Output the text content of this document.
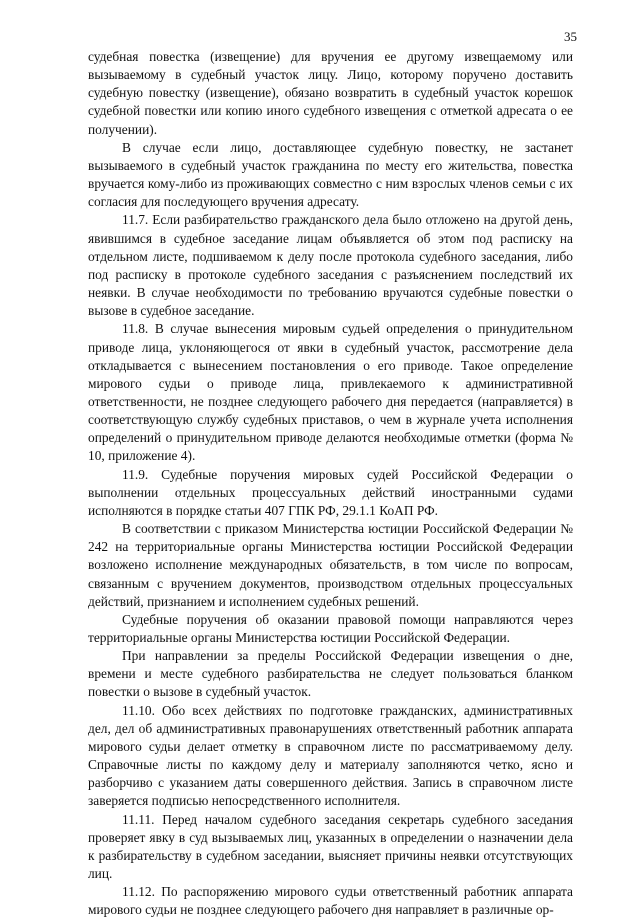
35

судебная повестка (извещение) для вручения ее другому извещаемому или вызываемому в судебный участок лицу. Лицо, которому поручено доставить судебную повестку (извещение), обязано возвратить в судебный участок корешок судебной повестки или копию иного судебного извещения с отметкой адресата о ее получении).

В случае если лицо, доставляющее судебную повестку, не застанет вызываемого в судебный участок гражданина по месту его жительства, повестка вручается кому-либо из проживающих совместно с ним взрослых членов семьи с их согласия для последующего вручения адресату.

11.7. Если разбирательство гражданского дела было отложено на другой день, явившимся в судебное заседание лицам объявляется об этом под расписку на отдельном листе, подшиваемом к делу после протокола судебного заседания, либо под расписку в протоколе судебного заседания с разъяснением последствий их неявки. В случае необходимости по требованию вручаются судебные повестки о вызове в судебное заседание.

11.8. В случае вынесения мировым судьей определения о принудительном приводе лица, уклоняющегося от явки в судебный участок, рассмотрение дела откладывается с вынесением постановления о его приводе. Такое определение мирового судьи о приводе лица, привлекаемого к административной ответственности, не позднее следующего рабочего дня передается (направляется) в соответствующую службу судебных приставов, о чем в журнале учета исполнения определений о принудительном приводе делаются необходимые отметки (форма № 10, приложение 4).

11.9. Судебные поручения мировых судей Российской Федерации о выполнении отдельных процессуальных действий иностранными судами исполняются в порядке статьи 407 ГПК РФ, 29.1.1 КоАП РФ.

В соответствии с приказом Министерства юстиции Российской Федерации № 242 на территориальные органы Министерства юстиции Российской Федерации возложено исполнение международных обязательств, в том числе по вопросам, связанным с вручением документов, производством отдельных процессуальных действий, признанием и исполнением судебных решений.

Судебные поручения об оказании правовой помощи направляются через территориальные органы Министерства юстиции Российской Федерации.

При направлении за пределы Российской Федерации извещения о дне, времени и месте судебного разбирательства не следует пользоваться бланком повестки о вызове в судебный участок.

11.10. Обо всех действиях по подготовке гражданских, административных дел, дел об административных правонарушениях ответственный работник аппарата мирового судьи делает отметку в справочном листе по рассматриваемому делу. Справочные листы по каждому делу и материалу заполняются четко, ясно и разборчиво с указанием даты совершенного действия. Запись в справочном листе заверяется подписью непосредственного исполнителя.

11.11. Перед началом судебного заседания секретарь судебного заседания проверяет явку в суд вызываемых лиц, указанных в определении о назначении дела к разбирательству в судебном заседании, выясняет причины неявки отсутствующих лиц.

11.12. По распоряжению мирового судьи ответственный работник аппарата мирового судьи не позднее следующего рабочего дня направляет в различные ор-
